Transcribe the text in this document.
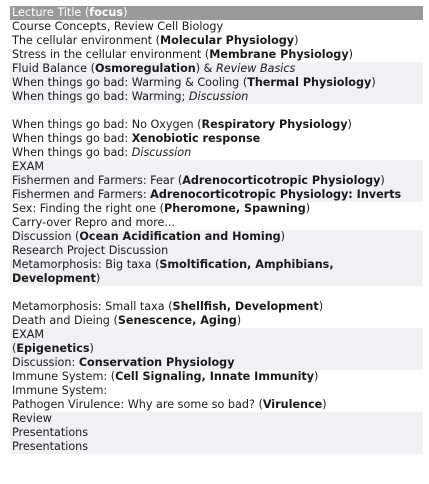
Lecture Title (focus)
Course Concepts, Review Cell Biology
The cellular environment (Molecular Physiology)
Stress in the cellular environment (Membrane Physiology)
Fluid Balance (Osmoregulation) & Review Basics
When things go bad: Warming & Cooling (Thermal Physiology)
When things go bad: Warming; Discussion
When things go bad: No Oxygen (Respiratory Physiology)
When things go bad: Xenobiotic response
When things go bad: Discussion
EXAM
Fishermen and Farmers: Fear (Adrenocorticotropic Physiology)
Fishermen and Farmers: Adrenocorticotropic Physiology: Inverts
Sex: Finding the right one (Pheromone, Spawning)
Carry-over Repro and more...
Discussion (Ocean Acidification and Homing)
Research Project Discussion
Metamorphosis: Big taxa (Smoltification, Amphibians, Development)
Metamorphosis: Small taxa (Shellfish, Development)
Death and Dieing (Senescence, Aging)
EXAM
(Epigenetics)
Discussion: Conservation Physiology
Immune System: (Cell Signaling, Innate Immunity)
Immune System:
Pathogen Virulence: Why are some so bad? (Virulence)
Review
Presentations
Presentations
